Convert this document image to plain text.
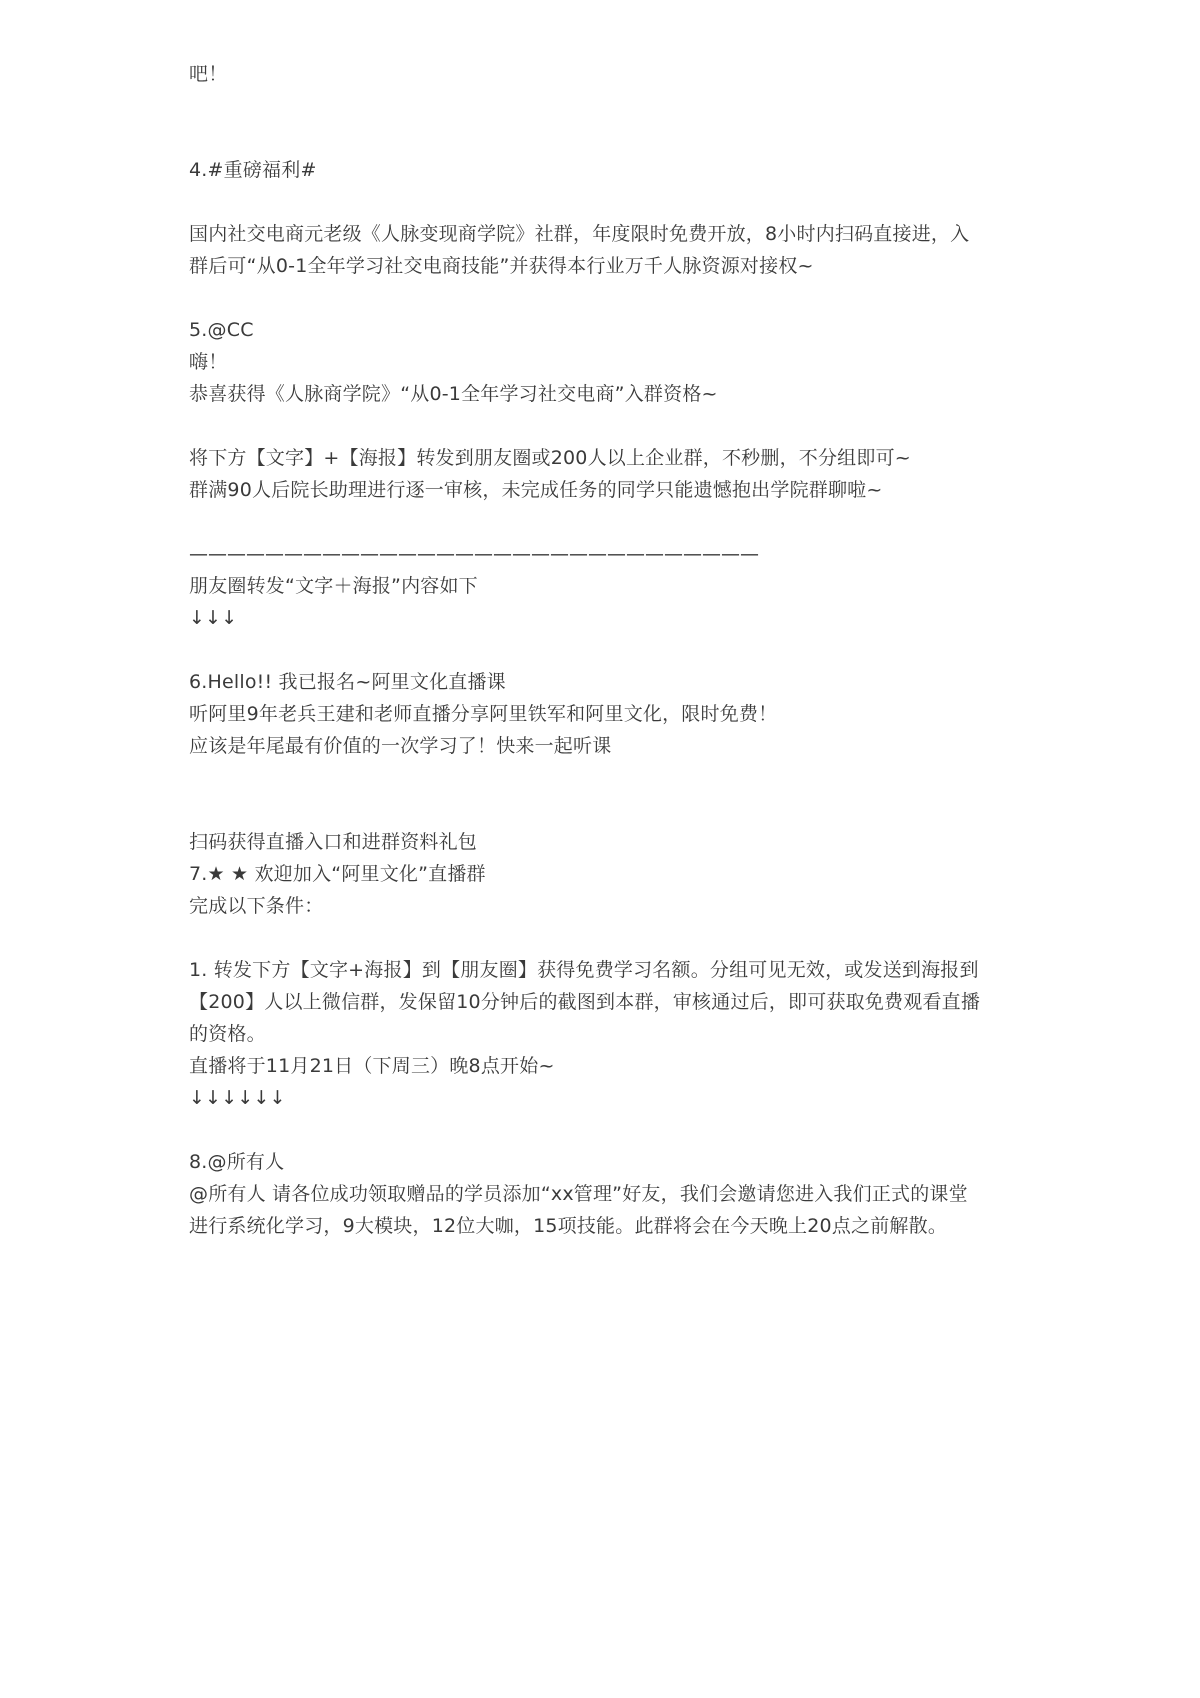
吧！
4.#重磅福利#
国内社交电商元老级《人脉变现商学院》社群，年度限时免费开放，8小时内扫码直接进，入
群后可“从0-1全年学习社交电商技能”并获得本行业万千人脉资源对接权~
5.@CC
嗨！
恭喜获得《人脉商学院》“从0-1全年学习社交电商”入群资格~
将下方【文字】+【海报】转发到朋友圈或200人以上企业群，不秒删，不分组即可~
群满90人后院长助理进行逐一审核，未完成任务的同学只能遗憾抱出学院群聊啦~
——————————————————————————————
朋友圈转发“文字＋海报”内容如下
↓↓↓
6.Hello!! 我已报名~阿里文化直播课
听阿里9年老兵王建和老师直播分享阿里铁军和阿里文化，限时免费！
应该是年尾最有价值的一次学习了！快来一起听课
扫码获得直播入口和进群资料礼包
7.★ ★ 欢迎加入“阿里文化”直播群
完成以下条件：
1. 转发下方【文字+海报】到【朋友圈】获得免费学习名额。分组可见无效，或发送到海报到
【200】人以上微信群，发保留10分钟后的截图到本群，审核通过后，即可获取免费观看直播
的资格。
直播将于11月21日（下周三）晚8点开始~
↓↓↓↓↓↓
8.@所有人
@所有人 请各位成功领取赠品的学员添加“xx管理”好友，我们会邀请您进入我们正式的课堂
进行系统化学习，9大模块，12位大咖，15项技能。此群将会在今天晚上20点之前解散。
